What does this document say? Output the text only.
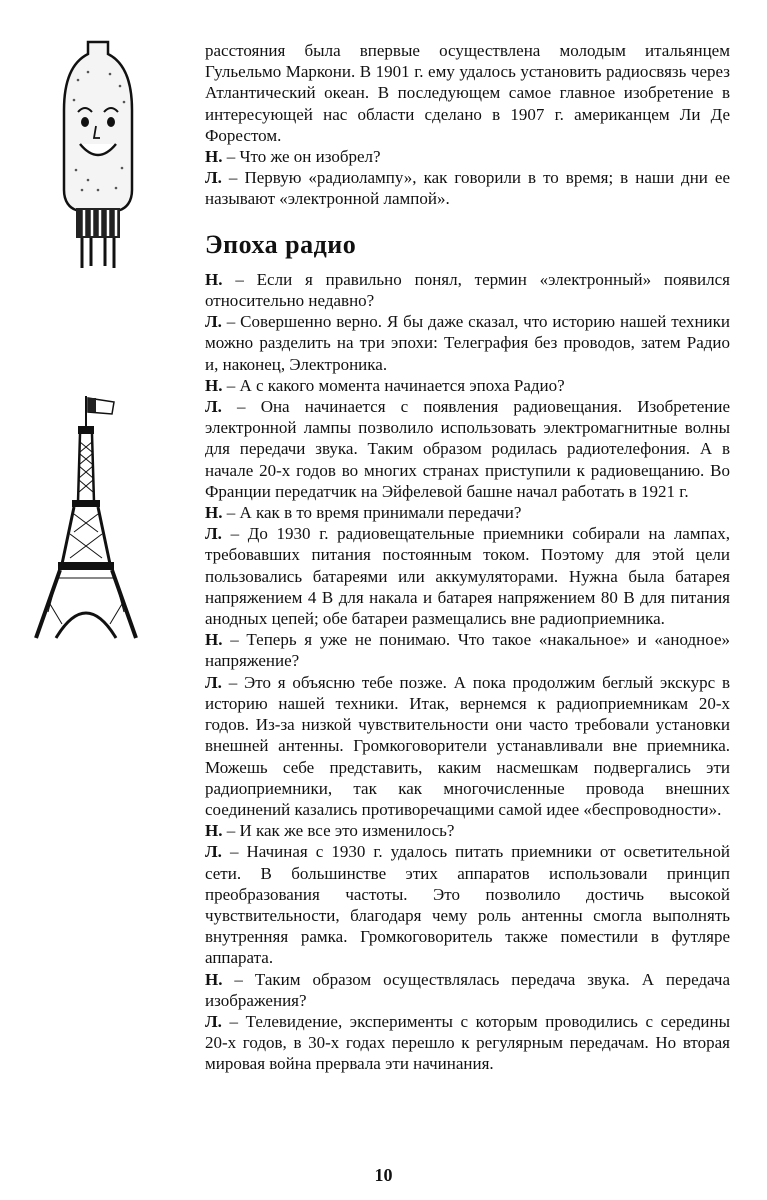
расстояния была впервые осуществлена молодым итальянцем Гульельмо Маркони. В 1901 г. ему удалось установить радиосвязь через Атлантический океан. В последующем самое главное изобретение в интересующей нас области сделано в 1907 г. американцем Ли Де Форестом.

Н. – Что же он изобрел?

Л. – Первую «радиолампу», как говорили в то время; в наши дни ее называют «электронной лампой».

Эпоха радио

Н. – Если я правильно понял, термин «электронный» появился относительно недавно?

Л. – Совершенно верно. Я бы даже сказал, что историю нашей техники можно разделить на три эпохи: Телеграфия без проводов, затем Радио и, наконец, Электроника.

Н. – А с какого момента начинается эпоха Радио?

Л. – Она начинается с появления радиовещания. Изобретение электронной лампы позволило использовать электромагнитные волны для передачи звука. Таким образом родилась радиотелефония. А в начале 20-х годов во многих странах приступили к радиовещанию. Во Франции передатчик на Эйфелевой башне начал работать в 1921 г.

Н. – А как в то время принимали передачи?

Л. – До 1930 г. радиовещательные приемники собирали на лампах, требовавших питания постоянным током. Поэтому для этой цели пользовались батареями или аккумуляторами. Нужна была батарея напряжением 4 В для накала и батарея напряжением 80 В для питания анодных цепей; обе батареи размещались вне радиоприемника.

Н. – Теперь я уже не понимаю. Что такое «накальное» и «анодное» напряжение?

Л. – Это я объясню тебе позже. А пока продолжим беглый экскурс в историю нашей техники. Итак, вернемся к радиоприемникам 20-х годов. Из-за низкой чувствительности они часто требовали установки внешней антенны. Громкоговорители устанавливали вне приемника. Можешь себе представить, каким насмешкам подвергались эти радиоприемники, так как многочисленные провода внешних соединений казались противоречащими самой идее «беспроводности».

Н. – И как же все это изменилось?

Л. – Начиная с 1930 г. удалось питать приемники от осветительной сети. В большинстве этих аппаратов использовали принцип преобразования частоты. Это позволило достичь высокой чувствительности, благодаря чему роль антенны смогла выполнять внутренняя рамка. Громкоговоритель также поместили в футляре аппарата.

Н. – Таким образом осуществлялась передача звука. А передача изображения?

Л. – Телевидение, эксперименты с которым проводились с середины 20-х годов, в 30-х годах перешло к регулярным передачам. Но вторая мировая война прервала эти начинания.

10
